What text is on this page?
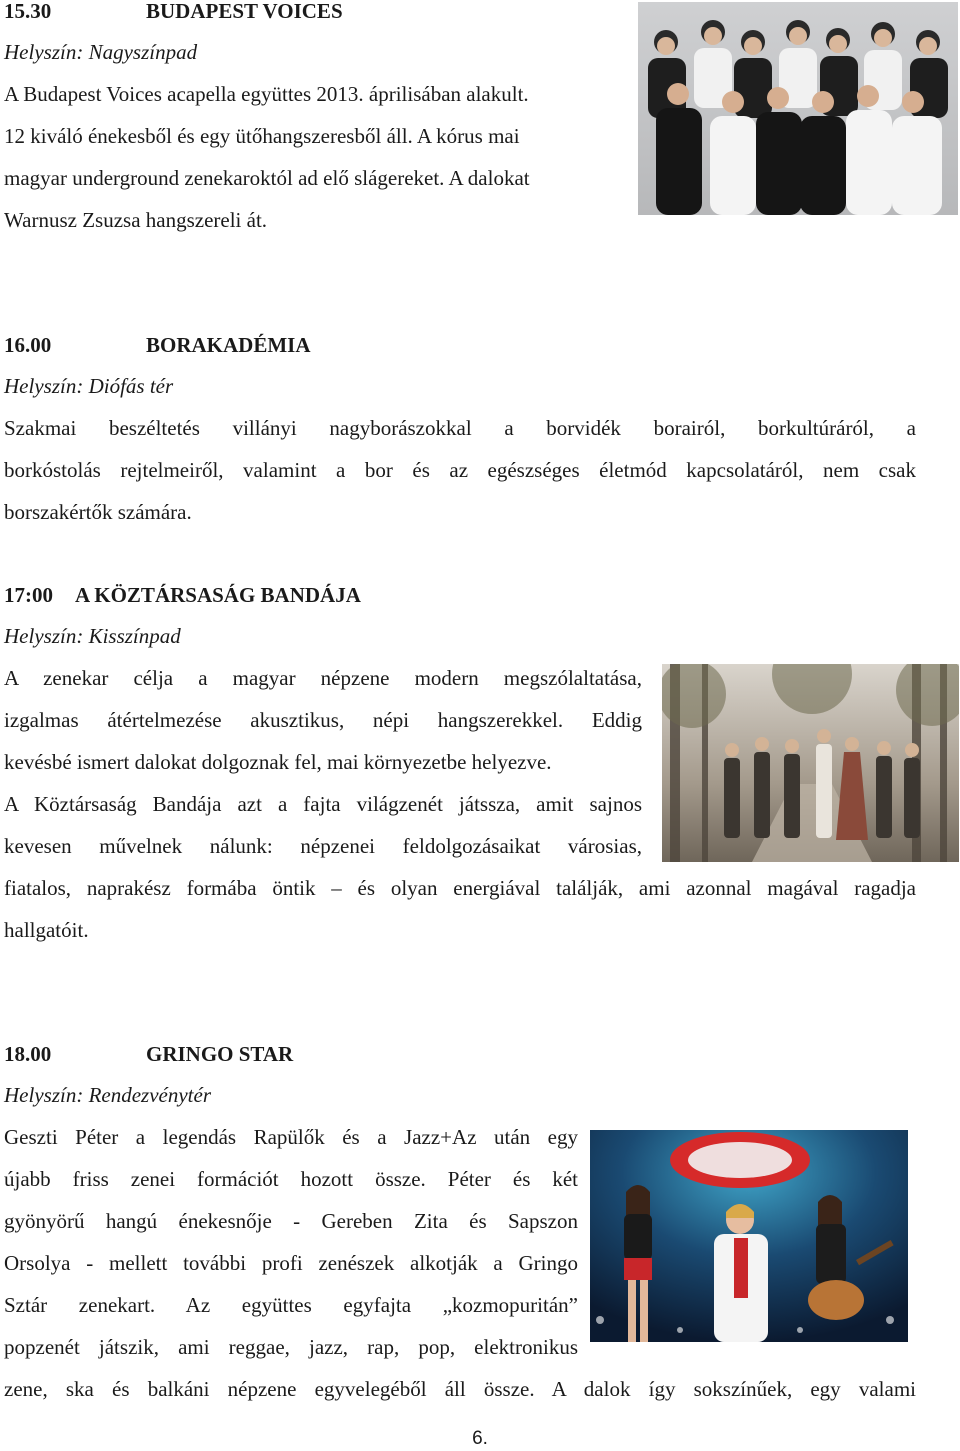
15.30	BUDAPEST VOICES
Helyszín: Nagyszínpad
A Budapest Voices acapella együttes 2013. áprilisában alakult.
12 kiváló énekesből és egy ütőhangszeresből áll. A kórus mai
magyar underground zenekaroktól ad elő slágereket. A dalokat
Warnusz Zsuzsa hangszereli át.
16.00	BORAKADÉMIA
Helyszín: Diófás tér
Szakmai beszéltetés villányi nagyborászokkal a borvidék borairól, borkultúráról, a
borkóstolás rejtelmeiről, valamint a bor és az egészséges életmód kapcsolatáról, nem csak
borszakértők számára.
17:00 A KÖZTÁRSASÁG BANDÁJA
Helyszín: Kisszínpad
A zenekar célja a magyar népzene modern megszólaltatása,
izgalmas átértelmezése akusztikus, népi hangszerekkel. Eddig
kevésbé ismert dalokat dolgoznak fel, mai környezetbe helyezve.
A Köztársaság Bandája azt a fajta világzenét játssza, amit sajnos
kevesen művelnek nálunk: népzenei feldolgozásaikat városias,
fiatalos, naprakész formába öntik – és olyan energiával találják, ami azonnal magával ragadja
hallgatóit.
18.00	GRINGO STAR
Helyszín: Rendezvénytér
Geszti Péter a legendás Rapülők és a Jazz+Az után egy
újabb friss zenei formációt hozott össze. Péter és két
gyönyörű hangú énekesnője - Gereben Zita és Sapszon
Orsolya - mellett további profi zenészek alkotják a Gringo
Sztár zenekart. Az együttes egyfajta „kozmopuritán”
popzenét játszik, ami reggae, jazz, rap, pop, elektronikus
zene, ska és balkáni népzene egyvelegéből áll össze. A dalok így sokszínűek, egy valami
6.
